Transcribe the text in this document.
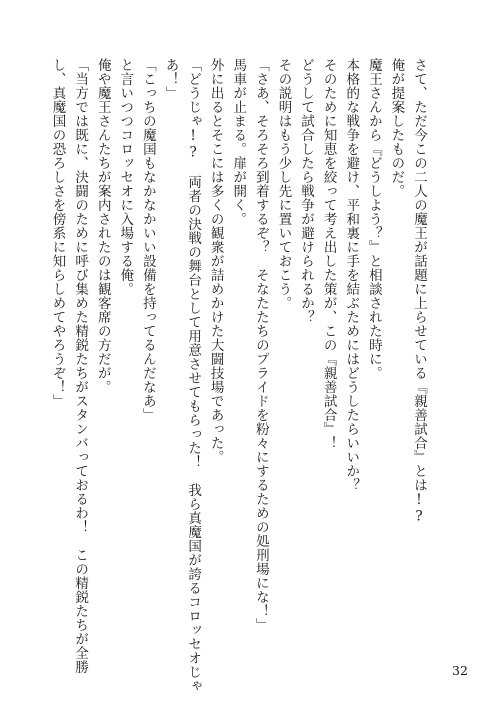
さて、ただ今この二人の魔王が話題に上らせている『親善試合』とは!?
俺が提案したものだ。
魔王さんから『どうしよう？』と相談された時に。
本格的な戦争を避け、平和裏に手を結ぶためにはどうしたらいいか？
そのために知恵を絞って考え出した策が、この『親善試合』！
どうして試合したら戦争が避けられるか？
その説明はもう少し先に置いておこう。
「さあ、そろそろ到着するぞ？　そなたたちのプライドを粉々にするための処刑場にな！」
馬車が止まる。扉が開く。
外に出るとそこには多くの観衆が詰めかけた大闘技場であった。
「どうじゃ!?　両者の決戦の舞台として用意させてもらった！　我ら真魔国が誇るコロッセオじゃ
あ！」
「こっちの魔国もなかなかいい設備を持ってるんだなあ」
と言いつつコロッセオに入場する俺。
俺や魔王さんたちが案内されたのは観客席の方だが。
「当方では既に、決闘のために呼び集めた精鋭たちがスタンバっておるわ！　この精鋭たちが全勝
し、真魔国の恐ろしさを傍系に知らしめてやろうぞ！」
32
